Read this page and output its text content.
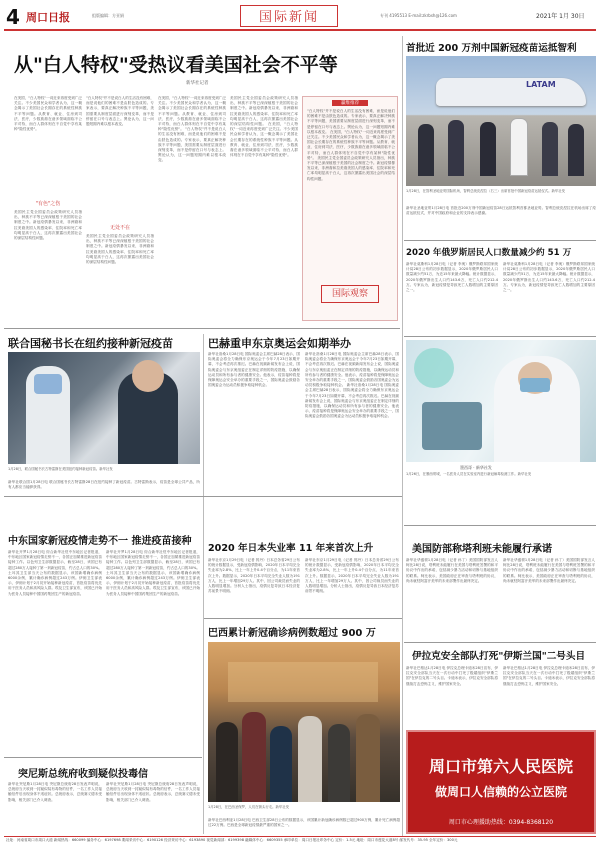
4 周口日报	组版编辑：方亚娟	国际新闻	专刊 4195513 E-mail:zkrbsh@126.com	2021年 1月 30日
从"白人特权"受热议看美国社会不平等
新华社记者
在美国，"白人特权"一词近来再度受到广泛关注。不少美国民众和学者认为，这一概念揭示了美国社会长期存在的系统性种族不平等问题。从教育、就业、住房到司法、医疗，少数族裔在诸多领域面临不公平对待，而白人群体则在不自觉中享有某种"隐性优势"。
"有色"之伤
美国民主党全国委员会政策研究人员指出，种族不平等已深深植根于美国的社会制度之中。新冠疫情暴发以来，非洲裔和拉美裔美国人的感染率、住院率和死亡率均明显高于白人，这再次暴露出美国社会的深层结构性问题。
"白人特权"并不是说白人的生活没有困难，而是说他们的困难不是由肤色造成的。专家表示，要真正解决种族不平等问题，美国需要从制度层面进行深刻变革，而不是停留在口号与表态上。舆论认为，这一问题短期内难以根本改变。
无处不在
美国民主党全国委员会政策研究人员指出，种族不平等已深深植根于美国的社会制度之中。新冠疫情暴发以来，非洲裔和拉美裔美国人的感染率、住院率和死亡率均明显高于白人，这再次暴露出美国社会的深层结构性问题。
在美国，"白人特权"一词近来再度受到广泛关注。不少美国民众和学者认为，这一概念揭示了美国社会长期存在的系统性种族不平等问题。从教育、就业、住房到司法、医疗，少数族裔在诸多领域面临不公平对待，而白人群体则在不自觉中享有某种"隐性优势"。 "白人特权"并不是说白人的生活没有困难，而是说他们的困难不是由肤色造成的。专家表示，要真正解决种族不平等问题，美国需要从制度层面进行深刻变革，而不是停留在口号与表态上。舆论认为，这一问题短期内难以根本改变。
美国民主党全国委员会政策研究人员指出，种族不平等已深深植根于美国的社会制度之中。新冠疫情暴发以来，非洲裔和拉美裔美国人的感染率、住院率和死亡率均明显高于白人，这再次暴露出美国社会的深层结构性问题。 在美国，"白人特权"一词近来再度受到广泛关注。不少美国民众和学者认为，这一概念揭示了美国社会长期存在的系统性种族不平等问题。从教育、就业、住房到司法、医疗，少数族裔在诸多领域面临不公平对待，而白人群体则在不自觉中享有某种"隐性优势"。
赢维推荐
"白人特权"并不是说白人的生活没有困难，而是说他们的困难不是由肤色造成的。专家表示，要真正解决种族不平等问题，美国需要从制度层面进行深刻变革，而不是停留在口号与表态上。舆论认为，这一问题短期内难以根本改变。 在美国，"白人特权"一词近来再度受到广泛关注。不少美国民众和学者认为，这一概念揭示了美国社会长期存在的系统性种族不平等问题。从教育、就业、住房到司法、医疗，少数族裔在诸多领域面临不公平对待，而白人群体则在不自觉中享有某种"隐性优势"。 美国民主党全国委员会政策研究人员指出，种族不平等已深深植根于美国的社会制度之中。新冠疫情暴发以来，非洲裔和拉美裔美国人的感染率、住院率和死亡率均明显高于白人，这再次暴露出美国社会的深层结构性问题。
国际观察
首批近 200 万剂中国新冠疫苗运抵智利
LATAM
1月28日，在智利圣地亚哥国际机场，智利总统皮涅拉（右三）出席首批中国新冠疫苗运抵仪式。新华社发
新华社圣地亚哥1月28日电 首批近200万剂中国新冠疫苗28日运抵智利首都圣地亚哥。智利总统皮涅拉在机场出席了疫苗运抵仪式，并对中国政府和企业的支持表示感谢。
2020 年俄罗斯居民人口数量减少约 51 万
新华社莫斯科1月28日电（记者 李奥）俄罗斯联邦国家统计局28日公布的初步数据显示，2020年俄罗斯居民人口数量减少约51万，为近15年来最大降幅。统计数据显示，2020年俄罗斯出生人口约143.6万，死亡人口约212.4万。专家认为，新冠疫情是导致死亡人数增加的主要原因之一。
新华社莫斯科1月28日电（记者 李奥）俄罗斯联邦国家统计局28日公布的初步数据显示，2020年俄罗斯居民人口数量减少约51万，为近15年来最大降幅。统计数据显示，2020年俄罗斯出生人口约143.6万，死亡人口约212.4万。专家认为，新冠疫情是导致死亡人数增加的主要原因之一。
联合国秘书长在纽约接种新冠疫苗
1月28日，联合国秘书长古特雷斯在美国纽约接种新冠疫苗。新华社发
新华社联合国1月28日电 联合国秘书长古特雷斯28日在纽约接种了新冠疫苗。古特雷斯表示，疫苗是全球公共产品，所有人都应当能够获得。
巴赫重申东京奥运会如期举办
新华社洛桑1月28日电 国际奥委会主席巴赫28日表示，国际奥委会将全力确保东京奥运会于今年7月23日如期开幕，不会考虑再次推迟。巴赫在视频新闻发布会上说，国际奥委会与东京奥组委正在制定详细的防疫措施，以确保运动员和所有参与者的健康安全。他表示，疫苗接种将是保障奥运会安全举办的重要手段之一，国际奥委会鼓励各国奥委会为运动员积极争取接种机会。
新华社洛桑1月28日电 国际奥委会主席巴赫28日表示，国际奥委会将全力确保东京奥运会于今年7月23日如期开幕，不会考虑再次推迟。巴赫在视频新闻发布会上说，国际奥委会与东京奥组委正在制定详细的防疫措施，以确保运动员和所有参与者的健康安全。他表示，疫苗接种将是保障奥运会安全举办的重要手段之一，国际奥委会鼓励各国奥委会为运动员积极争取接种机会。 新华社洛桑1月28日电 国际奥委会主席巴赫28日表示，国际奥委会将全力确保东京奥运会于今年7月23日如期开幕，不会考虑再次推迟。巴赫在视频新闻发布会上说，国际奥委会与东京奥组委正在制定详细的防疫措施，以确保运动员和所有参与者的健康安全。他表示，疫苗接种将是保障奥运会安全举办的重要手段之一，国际奥委会鼓励各国奥委会为运动员积极争取接种机会。
墨西哥 · 新华社发
1月26日，在墨西哥城，一名医务人员在实验室内进行新冠病毒检测工作。新华社发
中东国家新冠疫情走势不一 推进疫苗接种
新华社开罗1月28日电 综合新华社驻中东地区记者报道，中东地区国家新冠疫情走势不一，各国正加紧推进新冠疫苗接种工作。以色列卫生部数据显示，截至28日，该国已有超过280万人接种了第一剂新冠疫苗，约占总人口的30%。土耳其卫生部当天公布的数据显示，该国新增确诊病例6000余例，累计确诊病例超过243万例。伊朗卫生部表示，伊朗计划于2月初开始接种新冠疫苗，首批疫苗将优先用于医务人员和高风险人群。埃及卫生部宣布，该国已开始为医务人员接种中国国药集团生产的新冠疫苗。
新华社开罗1月28日电 综合新华社驻中东地区记者报道，中东地区国家新冠疫情走势不一，各国正加紧推进新冠疫苗接种工作。以色列卫生部数据显示，截至28日，该国已有超过280万人接种了第一剂新冠疫苗，约占总人口的30%。土耳其卫生部当天公布的数据显示，该国新增确诊病例6000余例，累计确诊病例超过243万例。伊朗卫生部表示，伊朗计划于2月初开始接种新冠疫苗，首批疫苗将优先用于医务人员和高风险人群。埃及卫生部宣布，该国已开始为医务人员接种中国国药集团生产的新冠疫苗。
突尼斯总统府收到疑似投毒信
新华社突尼斯1月28日电 突尼斯总统府28日发表声明说，总统府当天收到一封疑似装有毒物的信件，一名工作人员接触信件后出现身体不适症状。总统府表示，总统赛义德未受影响，相关部门已介入调查。
新华社突尼斯1月28日电 突尼斯总统府28日发表声明说，总统府当天收到一封疑似装有毒物的信件，一名工作人员接触信件后出现身体不适症状。总统府表示，总统赛义德未受影响，相关部门已介入调查。
2020 年日本失业率 11 年来首次上升
新华社东京1月29日电（记者 郭丹）日本总务省29日公布的统计数据显示，受新冠疫情影响，2020年日本平均完全失业率为2.8%，比上一年上升0.4个百分点，为11年来首次上升。数据显示，2020年日本平均完全失业人数为191万人，比上一年增加29万人。其中，因公司裁员而失业的人数明显增加。分析人士指出，疫情反复导致日本经济复苏前景不明朗。
新华社东京1月29日电（记者 郭丹）日本总务省29日公布的统计数据显示，受新冠疫情影响，2020年日本平均完全失业率为2.8%，比上一年上升0.4个百分点，为11年来首次上升。数据显示，2020年日本平均完全失业人数为191万人，比上一年增加29万人。其中，因公司裁员而失业的人数明显增加。分析人士指出，疫情反复导致日本经济复苏前景不明朗。
巴西累计新冠确诊病例数超过 900 万
1月28日，在巴西圣保罗，人们在街头行走。新华社发
新华社巴西利亚1月28日电 巴西卫生部28日公布的数据显示，该国累计新冠确诊病例数已超过900万例，累计死亡病例超过22万例。巴西是全球新冠疫情最严重的国家之一。
美国防部称塔利班未能履行承诺
新华社华盛顿1月28日电（记者 孙丁）美国国防部发言人柯比28日说，塔利班未能履行在美国与塔利班签署的和平协议中作出的承诺，包括减少暴力活动和切断与基地组织的联系。柯比表示，美国政府正在审查与塔利班的协议，尚未就驻阿富汗美军的未来部署作出最终决定。
新华社华盛顿1月28日电（记者 孙丁）美国国防部发言人柯比28日说，塔利班未能履行在美国与塔利班签署的和平协议中作出的承诺，包括减少暴力活动和切断与基地组织的联系。柯比表示，美国政府正在审查与塔利班的协议，尚未就驻阿富汗美军的未来部署作出最终决定。
伊拉克安全部队打死"伊斯兰国"二号头目
新华社巴格达1月28日电 伊拉克总理卡迪米28日宣布，伊拉克安全部队当天在一次行动中打死了极端组织"伊斯兰国"在伊拉克的二号头目。卡迪米表示，伊拉克安全部队将继续打击恐怖主义，维护国家安全。
新华社巴格达1月28日电 伊拉克总理卡迪米28日宣布，伊拉克安全部队当天在一次行动中打死了极端组织"伊斯兰国"在伊拉克的二号头目。卡迪米表示，伊拉克安全部队将继续打击恐怖主义，维护国家安全。
周口市第六人民医院
做周口人信赖的公立医院
周口市心理援助热线：0394-8368120
社址：河南省周口市周口大道 新闻热线：660099 编务中心：6197698 要闻采访中心：6190126 经济采访中心：6193890 视觉新闻部：6199398 融媒体中心：6609355 承印单位：周口日报社印务中心 定价：1.5元 地址：周口市莲花大道8号 邮发代号：35-95 全年定价：300元
